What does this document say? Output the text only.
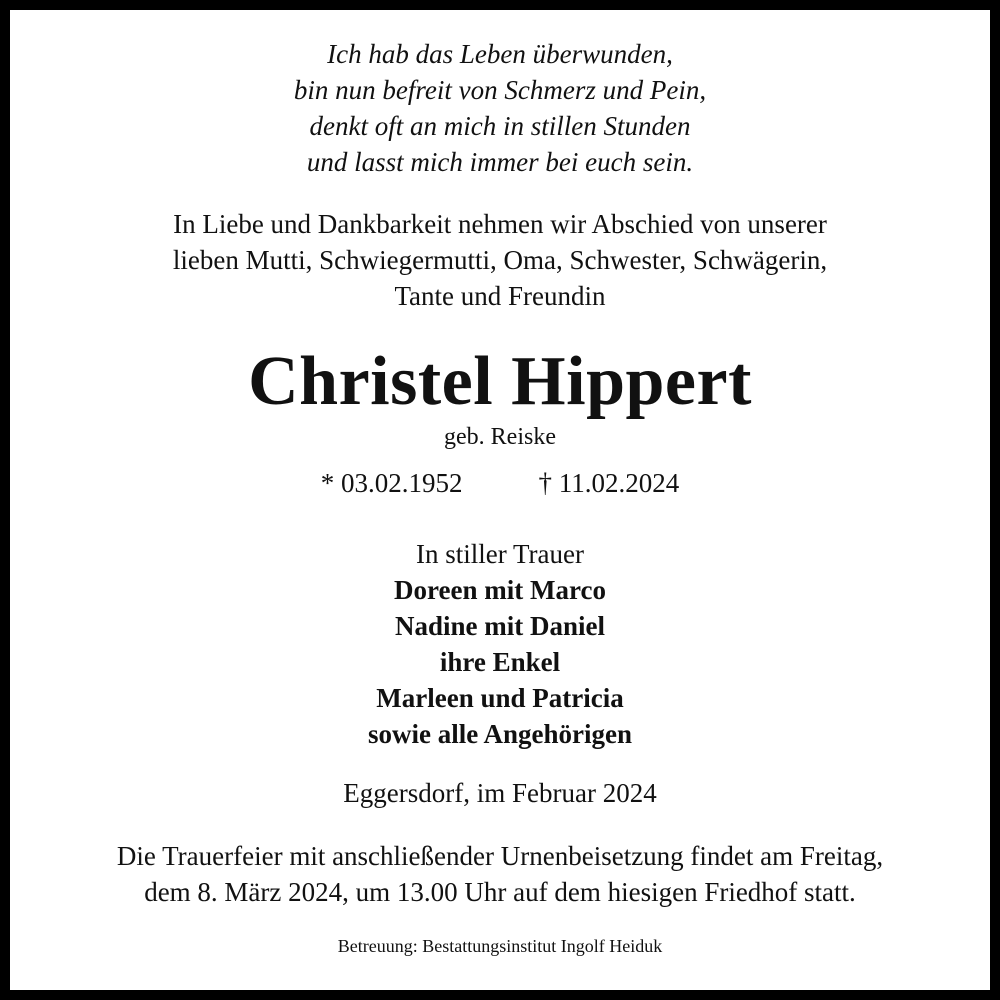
Ich hab das Leben überwunden,

bin nun befreit von Schmerz und Pein,

denkt oft an mich in stillen Stunden

und lasst mich immer bei euch sein.

In Liebe und Dankbarkeit nehmen wir Abschied von unserer

lieben Mutti, Schwiegermutti, Oma, Schwester, Schwägerin,

Tante und Freundin

Christel Hippert

geb. Reiske

* 03.02.1952	† 11.02.2024

In stiller Trauer

Doreen mit Marco

Nadine mit Daniel

ihre Enkel

Marleen und Patricia

sowie alle Angehörigen

Eggersdorf, im Februar 2024

Die Trauerfeier mit anschließender Urnenbeisetzung findet am Freitag,

dem 8. März 2024, um 13.00 Uhr auf dem hiesigen Friedhof statt.

Betreuung: Bestattungsinstitut Ingolf Heiduk
